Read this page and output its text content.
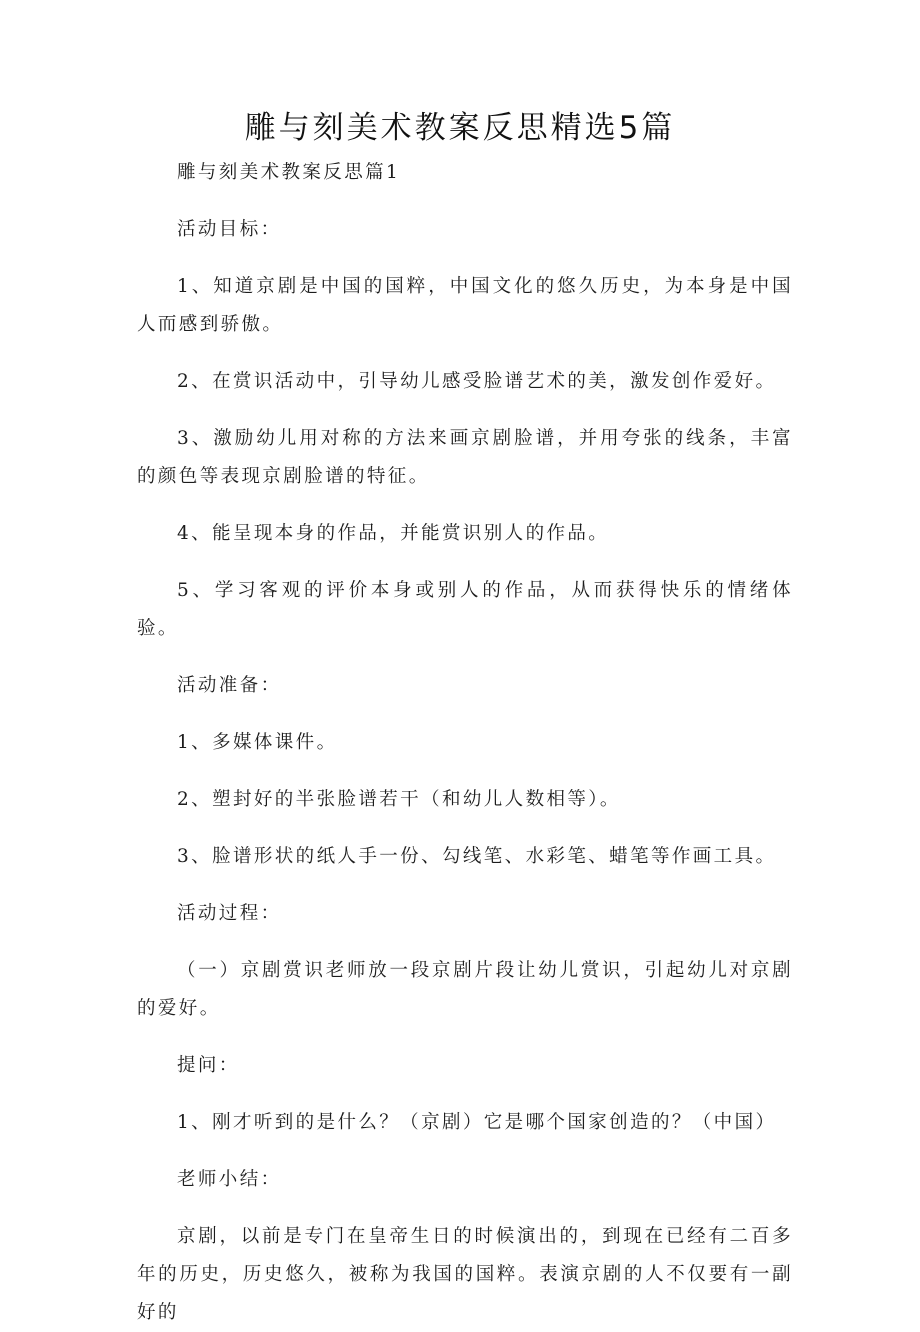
雕与刻美术教案反思精选5篇

雕与刻美术教案反思篇1

活动目标：

1、知道京剧是中国的国粹，中国文化的悠久历史，为本身是中国人而感到骄傲。

2、在赏识活动中，引导幼儿感受脸谱艺术的美，激发创作爱好。

3、激励幼儿用对称的方法来画京剧脸谱，并用夸张的线条，丰富的颜色等表现京剧脸谱的特征。

4、能呈现本身的作品，并能赏识别人的作品。

5、学习客观的评价本身或别人的作品，从而获得快乐的情绪体验。

活动准备：

1、多媒体课件。

2、塑封好的半张脸谱若干（和幼儿人数相等）。

3、脸谱形状的纸人手一份、勾线笔、水彩笔、蜡笔等作画工具。

活动过程：

（一）京剧赏识老师放一段京剧片段让幼儿赏识，引起幼儿对京剧的爱好。

提问：

1、刚才听到的是什么？（京剧）它是哪个国家创造的？（中国）

老师小结：

京剧，以前是专门在皇帝生日的时候演出的，到现在已经有二百多年的历史，历史悠久，被称为我国的国粹。表演京剧的人不仅要有一副好的
